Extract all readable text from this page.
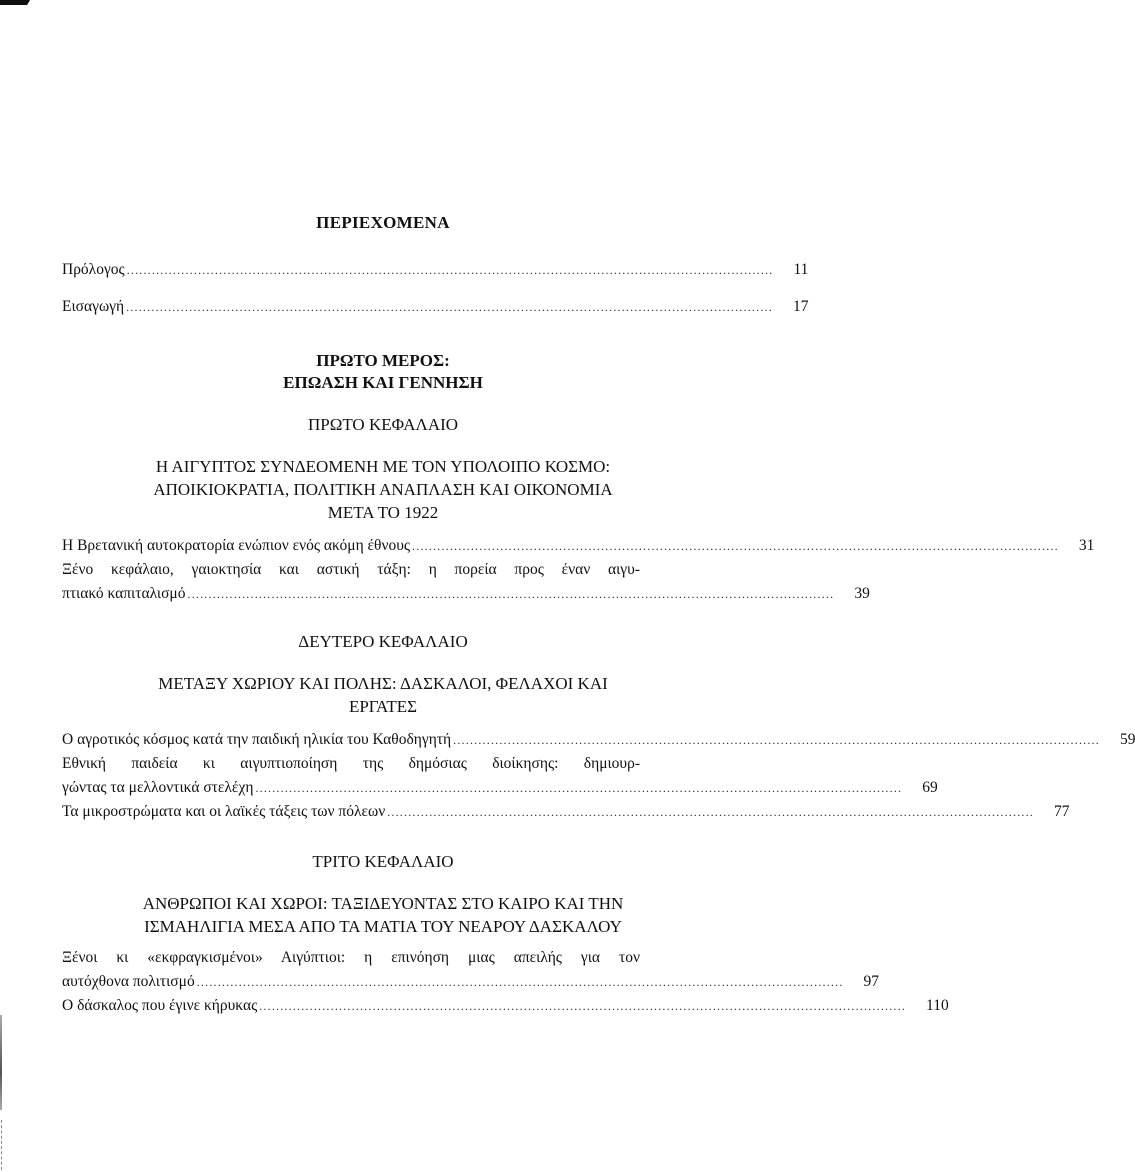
ΠΕΡΙΕΧΟΜΕΝΑ
Πρόλογος .......................................................................................................................................................... 11
Εισαγωγή .......................................................................................................................................................... 17
ΠΡΩΤΟ ΜΕΡΟΣ:
ΕΠΩΑΣΗ ΚΑΙ ΓΕΝΝΗΣΗ
ΠΡΩΤΟ ΚΕΦΑΛΑΙΟ
Η ΑΙΓΥΠΤΟΣ ΣΥΝΔΕΟΜΕΝΗ ΜΕ ΤΟΝ ΥΠΟΛΟΙΠΟ ΚΟΣΜΟ:
ΑΠΟΙΚΙΟΚΡΑΤΙΑ, ΠΟΛΙΤΙΚΗ ΑΝΑΠΛΑΣΗ ΚΑΙ ΟΙΚΟΝΟΜΙΑ
ΜΕΤΑ ΤΟ 1922
Η Βρετανική αυτοκρατορία ενώπιον ενός ακόμη έθνους .......................................................................................................................................................... 31
Ξένο κεφάλαιο, γαιοκτησία και αστική τάξη: η πορεία προς έναν αιγυ-
πτιακό καπιταλισμό .......................................................................................................................................................... 39
ΔΕΥΤΕΡΟ ΚΕΦΑΛΑΙΟ
ΜΕΤΑΞΥ ΧΩΡΙΟΥ ΚΑΙ ΠΟΛΗΣ: ΔΑΣΚΑΛΟΙ, ΦΕΛΑΧΟΙ ΚΑΙ
ΕΡΓΑΤΕΣ
Ο αγροτικός κόσμος κατά την παιδική ηλικία του Καθοδηγητή .......................................................................................................................................................... 59
Εθνική παιδεία κι αιγυπτιοποίηση της δημόσιας διοίκησης: δημιουρ-
γώντας τα μελλοντικά στελέχη .......................................................................................................................................................... 69
Τα μικροστρώματα και οι λαϊκές τάξεις των πόλεων .......................................................................................................................................................... 77
ΤΡΙΤΟ ΚΕΦΑΛΑΙΟ
ΑΝΘΡΩΠΟΙ ΚΑΙ ΧΩΡΟΙ: ΤΑΞΙΔΕΥΟΝΤΑΣ ΣΤΟ ΚΑΙΡΟ ΚΑΙ ΤΗΝ
ΙΣΜΑΗΛΙΓΙΑ ΜΕΣΑ ΑΠΟ ΤΑ ΜΑΤΙΑ ΤΟΥ ΝΕΑΡΟΥ ΔΑΣΚΑΛΟΥ
Ξένοι κι «εκφραγκισμένοι» Αιγύπτιοι: η επινόηση μιας απειλής για τον
αυτόχθονα πολιτισμό .......................................................................................................................................................... 97
Ο δάσκαλος που έγινε κήρυκας .......................................................................................................................................................... 110
